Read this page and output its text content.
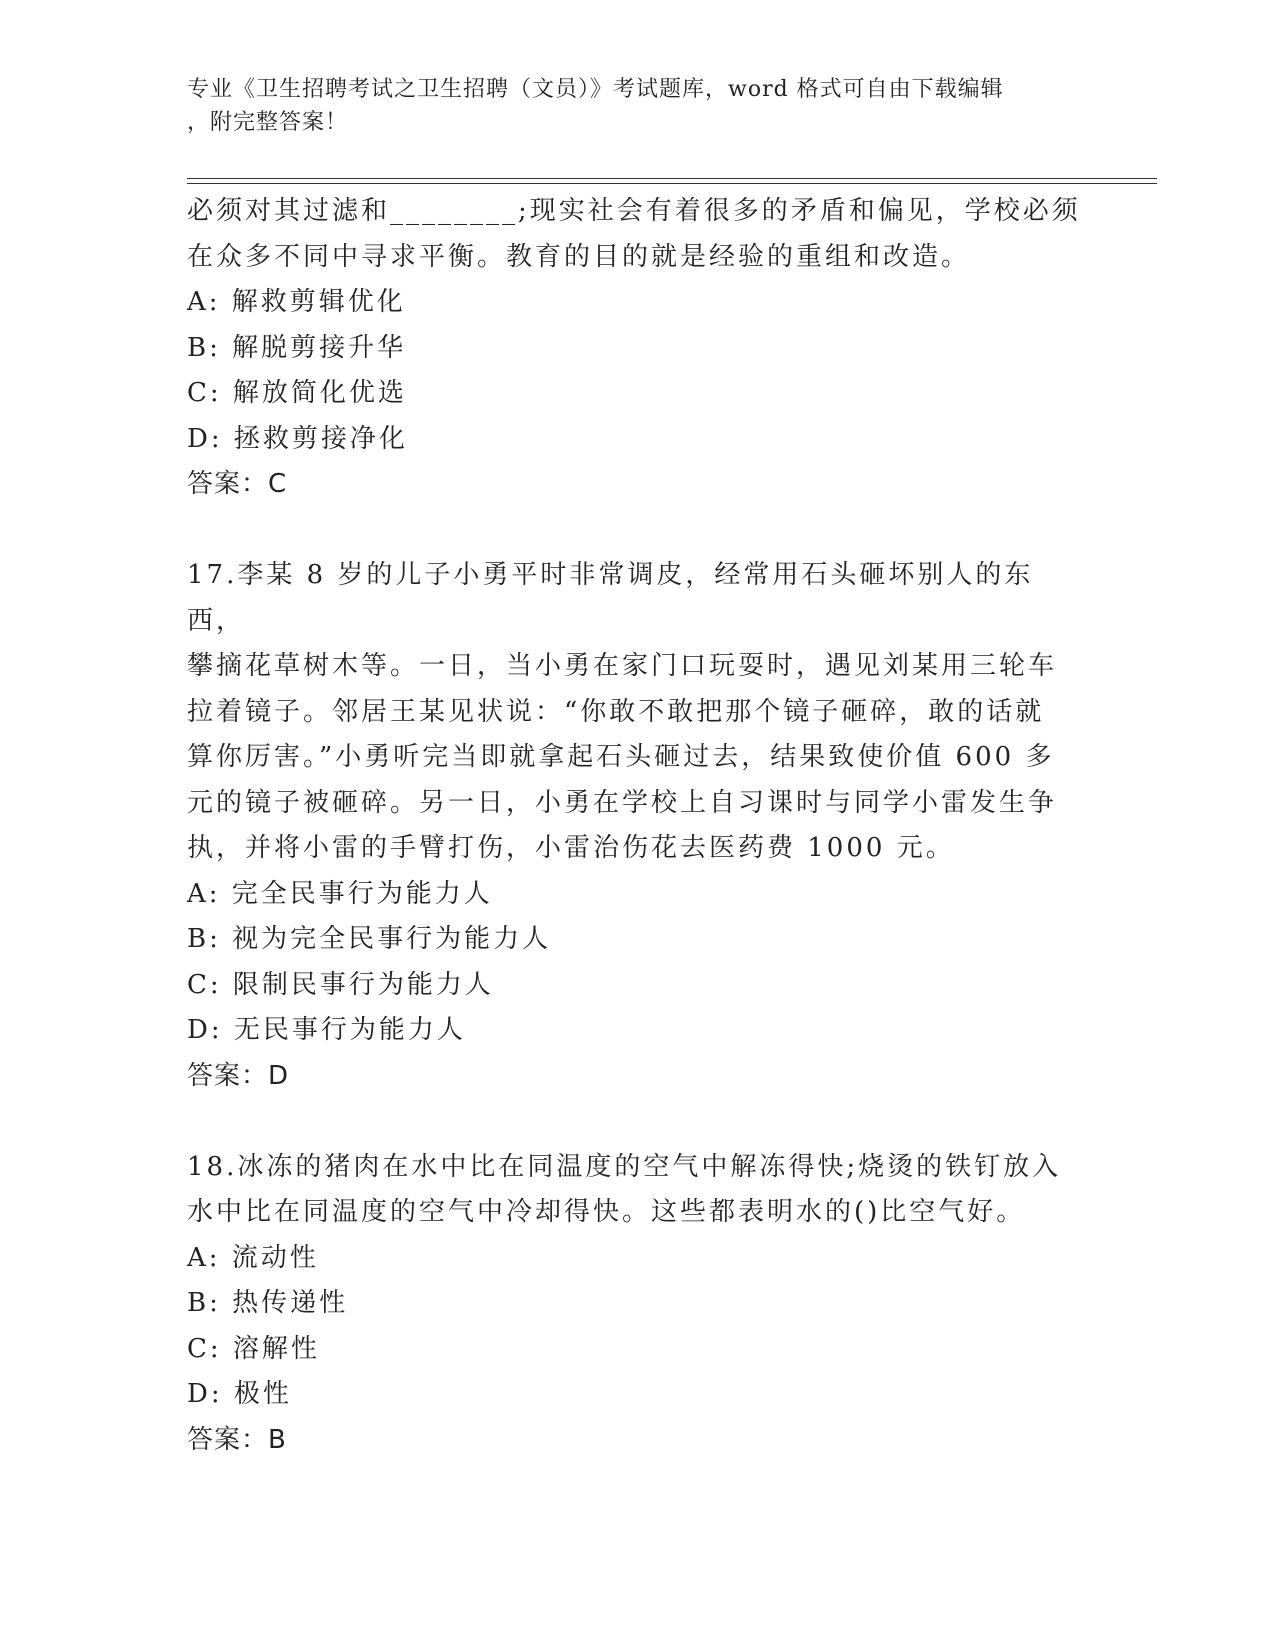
专业《卫生招聘考试之卫生招聘（文员）》考试题库，word 格式可自由下载编辑
，附完整答案！

必须对其过滤和________;现实社会有着很多的矛盾和偏见，学校必须

在众多不同中寻求平衡。教育的目的就是经验的重组和改造。

A: 解救剪辑优化

B: 解脱剪接升华

C: 解放简化优选

D: 拯救剪接净化

答案：C

17.李某 8 岁的儿子小勇平时非常调皮，经常用石头砸坏别人的东西，

攀摘花草树木等。一日，当小勇在家门口玩耍时，遇见刘某用三轮车

拉着镜子。邻居王某见状说：“你敢不敢把那个镜子砸碎，敢的话就

算你厉害。”小勇听完当即就拿起石头砸过去，结果致使价值 600 多

元的镜子被砸碎。另一日，小勇在学校上自习课时与同学小雷发生争

执，并将小雷的手臂打伤，小雷治伤花去医药费 1000 元。

A: 完全民事行为能力人

B: 视为完全民事行为能力人

C: 限制民事行为能力人

D: 无民事行为能力人

答案：D

18.冰冻的猪肉在水中比在同温度的空气中解冻得快;烧烫的铁钉放入

水中比在同温度的空气中冷却得快。这些都表明水的()比空气好。

A: 流动性

B: 热传递性

C: 溶解性

D: 极性

答案：B
